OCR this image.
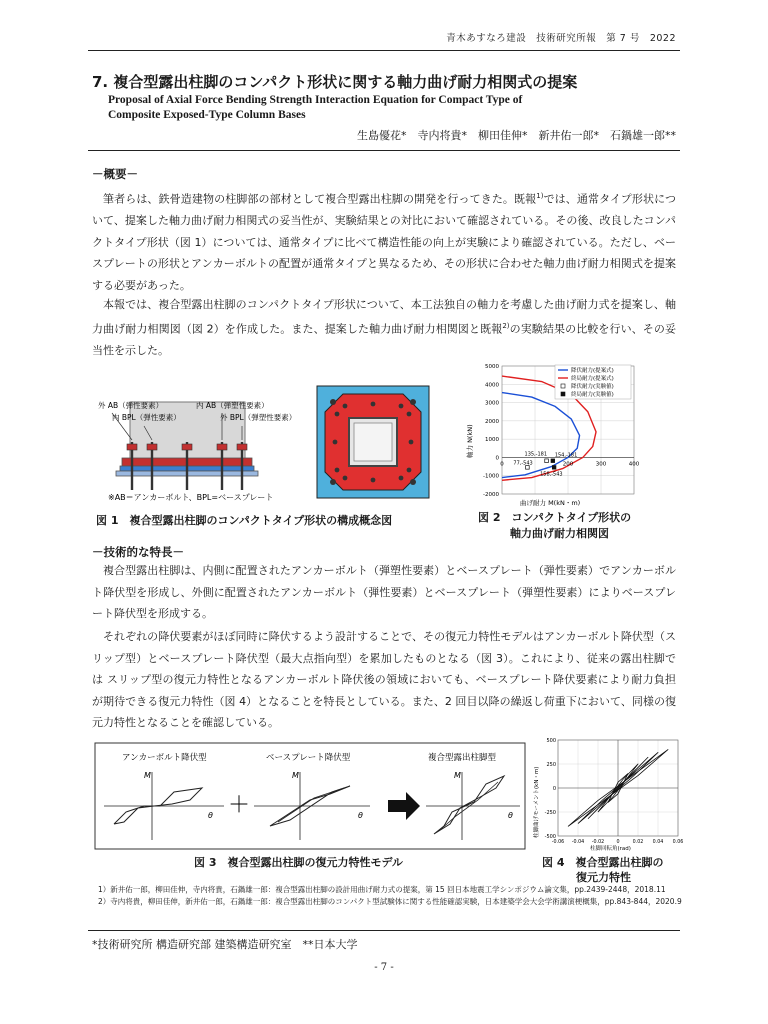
青木あすなろ建設　技術研究所報　第 7 号　2022
7. 複合型露出柱脚のコンパクト形状に関する軸力曲げ耐力相関式の提案
Proposal of Axial Force Bending Strength Interaction Equation for Compact Type of
Composite Exposed-Type Column Bases
生島優花*　寺内将貴*　柳田佳伸*　新井佑一郎*　石鍋雄一郎**
－概要－
筆者らは、鉄骨造建物の柱脚部の部材として複合型露出柱脚の開発を行ってきた。既報$^{1)}$では、通常タイプ形状について、提案した軸力曲げ耐力相関式の妥当性が、実験結果との対比において確認されている。その後、改良したコンパクトタイプ形状（図 1）については、通常タイプに比べて構造性能の向上が実験により確認されている。ただし、ベースプレートの形状とアンカーボルトの配置が通常タイプと異なるため、その形状に合わせた軸力曲げ耐力相関式を提案する必要があった。
本報では、複合型露出柱脚のコンパクトタイプ形状について、本工法独自の軸力を考慮した曲げ耐力式を提案し、軸力曲げ耐力相関図（図 2）を作成した。また、提案した軸力曲げ耐力相関図と既報$^{2)}$の実験結果の比較を行い、その妥当性を示した。
外 AB（弾性要素）
内 BPL（弾性要素）
内 AB（弾塑性要素）
外 BPL（弾塑性要素）
※AB＝アンカーボルト、BPL=ベースプレート
図 1　複合型露出柱脚のコンパクトタイプ形状の構成概念図
135,-181 154,-181
77,-543
158,-543
-2000
-1000
0
1000
2000
3000
4000
5000
0	200	300	400
降伏耐力(提案式)
終局耐力(提案式)
降伏耐力(実験値)
終局耐力(実験値)
曲げ耐力 M(kN・m)
軸力 N(kN)
図 2　コンパクトタイプ形状の
軸力曲げ耐力相関図
－技術的な特長－
複合型露出柱脚は、内側に配置されたアンカーボルト（弾塑性要素）とベースプレート（弾性要素）でアンカーボルト降伏型を形成し、外側に配置されたアンカーボルト（弾性要素）とベースプレート（弾塑性要素）によりベースプレート降伏型を形成する。
それぞれの降伏要素がほぼ同時に降伏するよう設計することで、その復元力特性モデルはアンカーボルト降伏型（スリップ型）とベースプレート降伏型（最大点指向型）を累加したものとなる（図 3）。これにより、従来の露出柱脚では スリップ型の復元力特性となるアンカーボルト降伏後の領域においても、ベースプレート降伏要素により耐力負担が期待できる復元力特性（図 4）となることを特長としている。また、2 回目以降の繰返し荷重下において、同様の復元力特性となることを確認している。
アンカーボルト降伏型
M
θ ＋
ベースプレート降伏型
M
θ
複合型露出柱脚型
M
θ
図 3　複合型露出柱脚の復元力特性モデル
-0.06 -0.04 -0.02	0	0.02 0.04 0.06
-500
-250
0
250
500
柱脚回転角(rad)
柱脚曲げモーメント(kN・m)
図 4　複合型露出柱脚の
復元力特性
1）新井佑一郎，柳田佳伸，寺内将貴，石鍋雄一郎：複合型露出柱脚の設計用曲げ耐力式の提案，第 15 回日本地震工学シンポジウム論文集，pp.2439-2448，2018.11
2）寺内将貴，柳田佳伸，新井佑一郎，石鍋雄一郎：複合型露出柱脚のコンパクト型試験体に関する性能確認実験，日本建築学会大会学術講演梗概集，pp.843-844，2020.9
*技術研究所 構造研究部 建築構造研究室　**日本大学
- 7 -
